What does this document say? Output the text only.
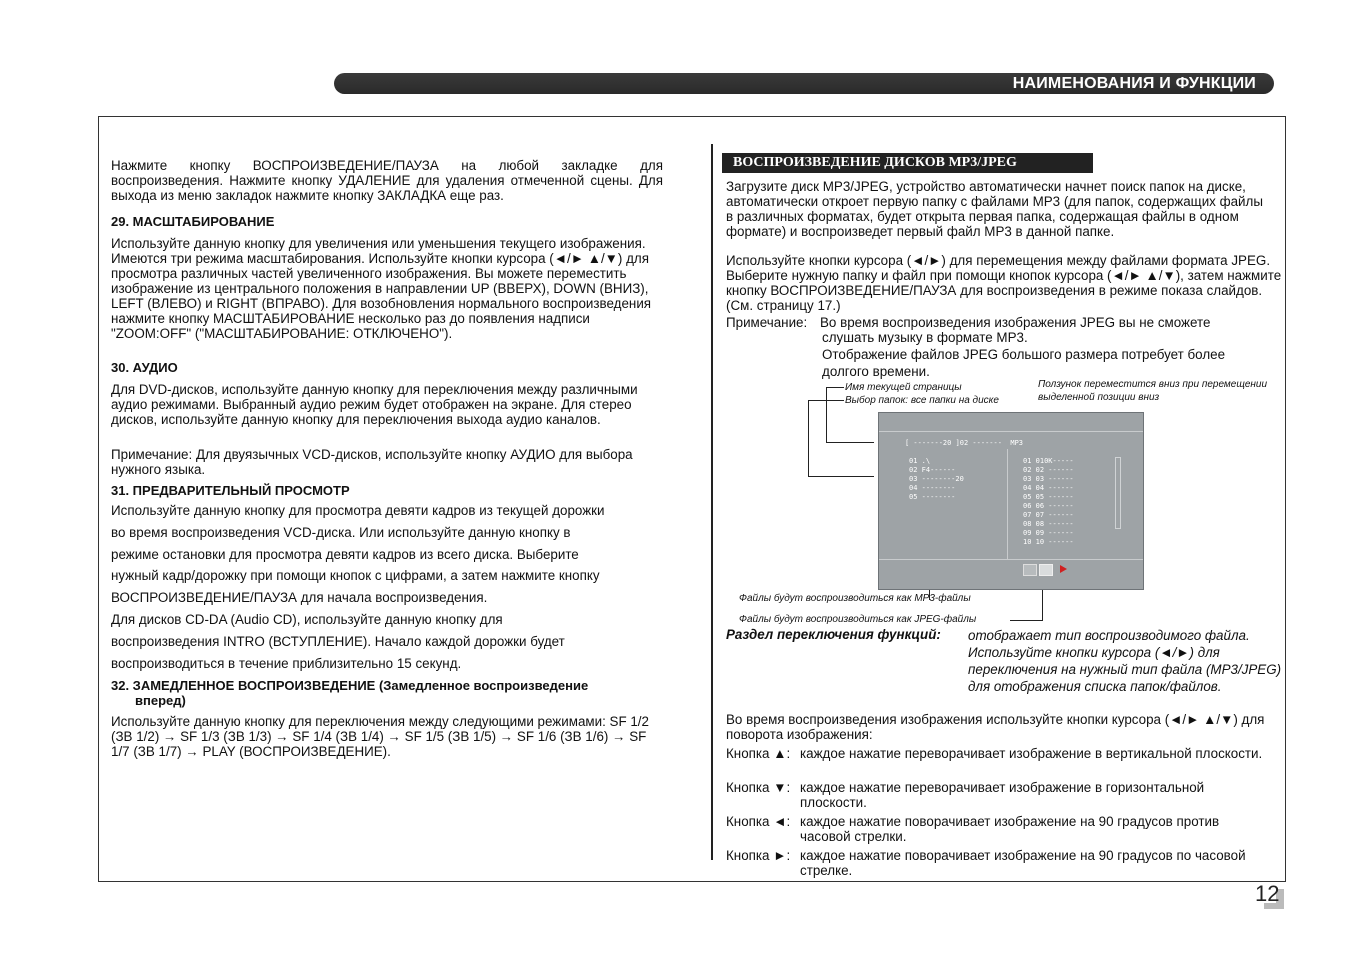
НАИМЕНОВАНИЯ И ФУНКЦИИ

Нажмите кнопку ВОСПРОИЗВЕДЕНИЕ/ПАУЗА на любой закладке для воспроизведения. Нажмите кнопку УДАЛЕНИЕ для удаления отмеченной сцены. Для выхода из меню закладок нажмите кнопку ЗАКЛАДКА еще раз.

29. МАСШТАБИРОВАНИЕ

Используйте данную кнопку для увеличения или уменьшения текущего изображения. Имеются три режима масштабирования. Используйте кнопки курсора (◄/► ▲/▼) для просмотра различных частей увеличенного изображения. Вы можете переместить изображение из центрального положения в направлении UP (ВВЕРХ), DOWN (ВНИЗ), LEFT (ВЛЕВО) и RIGHT (ВПРАВО). Для возобновления нормального воспроизведения нажмите кнопку МАСШТАБИРОВАНИЕ несколько раз до появления надписи "ZOOM:OFF" ("МАСШТАБИРОВАНИЕ: ОТКЛЮЧЕНО").

30. АУДИО

Для DVD-дисков, используйте данную кнопку для переключения между различными аудио режимами. Выбранный аудио режим будет отображен на экране. Для стерео дисков, используйте данную кнопку для переключения выхода аудио каналов.

Примечание: Для двуязычных VCD-дисков, используйте кнопку АУДИО для выбора нужного языка.

31. ПРЕДВАРИТЕЛЬНЫЙ ПРОСМОТР

Используйте данную кнопку для просмотра девяти кадров из текущей дорожки
во время воспроизведения VCD-диска. Или используйте данную кнопку в
режиме остановки для просмотра девяти кадров из всего диска. Выберите
нужный кадр/дорожку при помощи кнопок с цифрами, а затем нажмите кнопку
ВОСПРОИЗВЕДЕНИЕ/ПАУЗА для начала воспроизведения.
Для дисков CD-DA (Audio CD), используйте данную кнопку для
воспроизведения INTRO (ВСТУПЛЕНИЕ). Начало каждой дорожки будет
воспроизводиться в течение приблизительно 15 секунд.

32. ЗАМЕДЛЕННОЕ ВОСПРОИЗВЕДЕНИЕ (Замедленное воспроизведение

вперед)

Используйте данную кнопку для переключения между следующими режимами: SF 1/2 (ЗВ 1/2) → SF 1/3 (ЗВ 1/3) → SF 1/4 (ЗВ 1/4) → SF 1/5 (ЗВ 1/5) → SF 1/6 (ЗВ 1/6) → SF 1/7 (ЗВ 1/7) → PLAY (ВОСПРОИЗВЕДЕНИЕ).

ВОСПРОИЗВЕДЕНИЕ ДИСКОВ MP3/JPEG

Загрузите диск MP3/JPEG, устройство автоматически начнет поиск папок на диске, автоматически откроет первую папку с файлами MP3 (для папок, содержащих файлы в различных форматах, будет открыта первая папка, содержащая файлы в одном формате) и воспроизведет первый файл MP3 в данной папке.

Используйте кнопки курсора (◄/►) для перемещения между файлами формата JPEG. Выберите нужную папку и файл при помощи кнопок курсора (◄/► ▲/▼), затем нажмите кнопку ВОСПРОИЗВЕДЕНИЕ/ПАУЗА для воспроизведения в режиме показа слайдов. (См. страницу 17.)

Примечание: Во время воспроизведения изображения JPEG вы не сможете

слушать музыку в формате MP3.

Отображение файлов JPEG большого размера потребует более

долгого времени.

Имя текущей страницы

Выбор папок: все папки на диске

Ползунок переместится вниз при перемещении выделенной позиции вниз

[ -------20 ]02 -------  MP3
01 .\
02 F4------
03 --------20
04 --------
05 --------
01 010K-----
02 02 ------
03 03 ------
04 04 ------
05 05 ------
06 06 ------
07 07 ------
08 08 ------
09 09 ------
10 10 ------

Файлы будут воспроизводиться как MP3-файлы

Файлы будут воспроизводиться как JPEG-файлы

Раздел переключения функций: отображает тип воспроизводимого файла. Используйте кнопки курсора (◄/►) для переключения на нужный тип файла (MP3/JPEG) для отображения списка папок/файлов.

Во время воспроизведения изображения используйте кнопки курсора (◄/► ▲/▼) для поворота изображения:

Кнопка ▲: каждое нажатие переворачивает изображение в вертикальной плоскости.
Кнопка ▼: каждое нажатие переворачивает изображение в горизонтальной плоскости.
Кнопка ◄: каждое нажатие поворачивает изображение на 90 градусов против часовой стрелки.
Кнопка ►: каждое нажатие поворачивает изображение на 90 градусов по часовой стрелке.
12
